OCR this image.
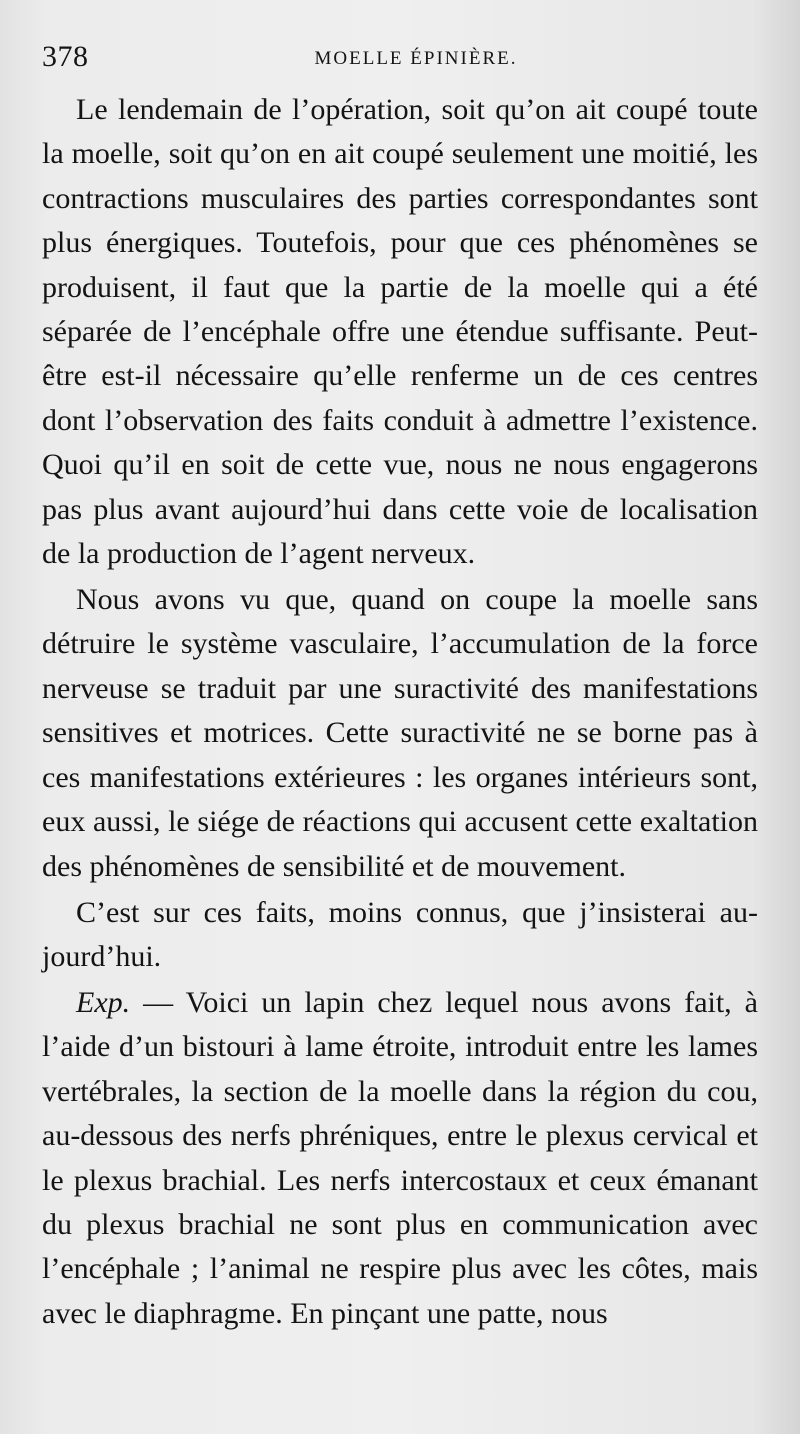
378	MOELLE ÉPINIÈRE.

Le lendemain de l’opération, soit qu’on ait coupé toute la moelle, soit qu’on en ait coupé seulement une moitié, les contractions musculaires des parties correspondantes sont plus énergiques. Toutefois, pour que ces phénomènes se produisent, il faut que la partie de la moelle qui a été séparée de l’encéphale offre une étendue suffisante. Peut-être est-il nécessaire qu’elle renferme un de ces centres dont l’observation des faits conduit à admettre l’existence. Quoi qu’il en soit de cette vue, nous ne nous engagerons pas plus avant aujourd’hui dans cette voie de localisation de la production de l’agent nerveux.

Nous avons vu que, quand on coupe la moelle sans détruire le système vasculaire, l’accumulation de la force nerveuse se traduit par une suractivité des manifestations sensitives et motrices. Cette suractivité ne se borne pas à ces manifestations extérieures : les organes intérieurs sont, eux aussi, le siége de réactions qui accusent cette exaltation des phénomènes de sensibilité et de mouvement.

C’est sur ces faits, moins connus, que j’insisterai aujourd’hui.

Exp. — Voici un lapin chez lequel nous avons fait, à l’aide d’un bistouri à lame étroite, introduit entre les lames vertébrales, la section de la moelle dans la région du cou, au-dessous des nerfs phréniques, entre le plexus cervical et le plexus brachial. Les nerfs intercostaux et ceux émanant du plexus brachial ne sont plus en communication avec l’encéphale ; l’animal ne respire plus avec les côtes, mais avec le diaphragme. En pinçant une patte, nous
